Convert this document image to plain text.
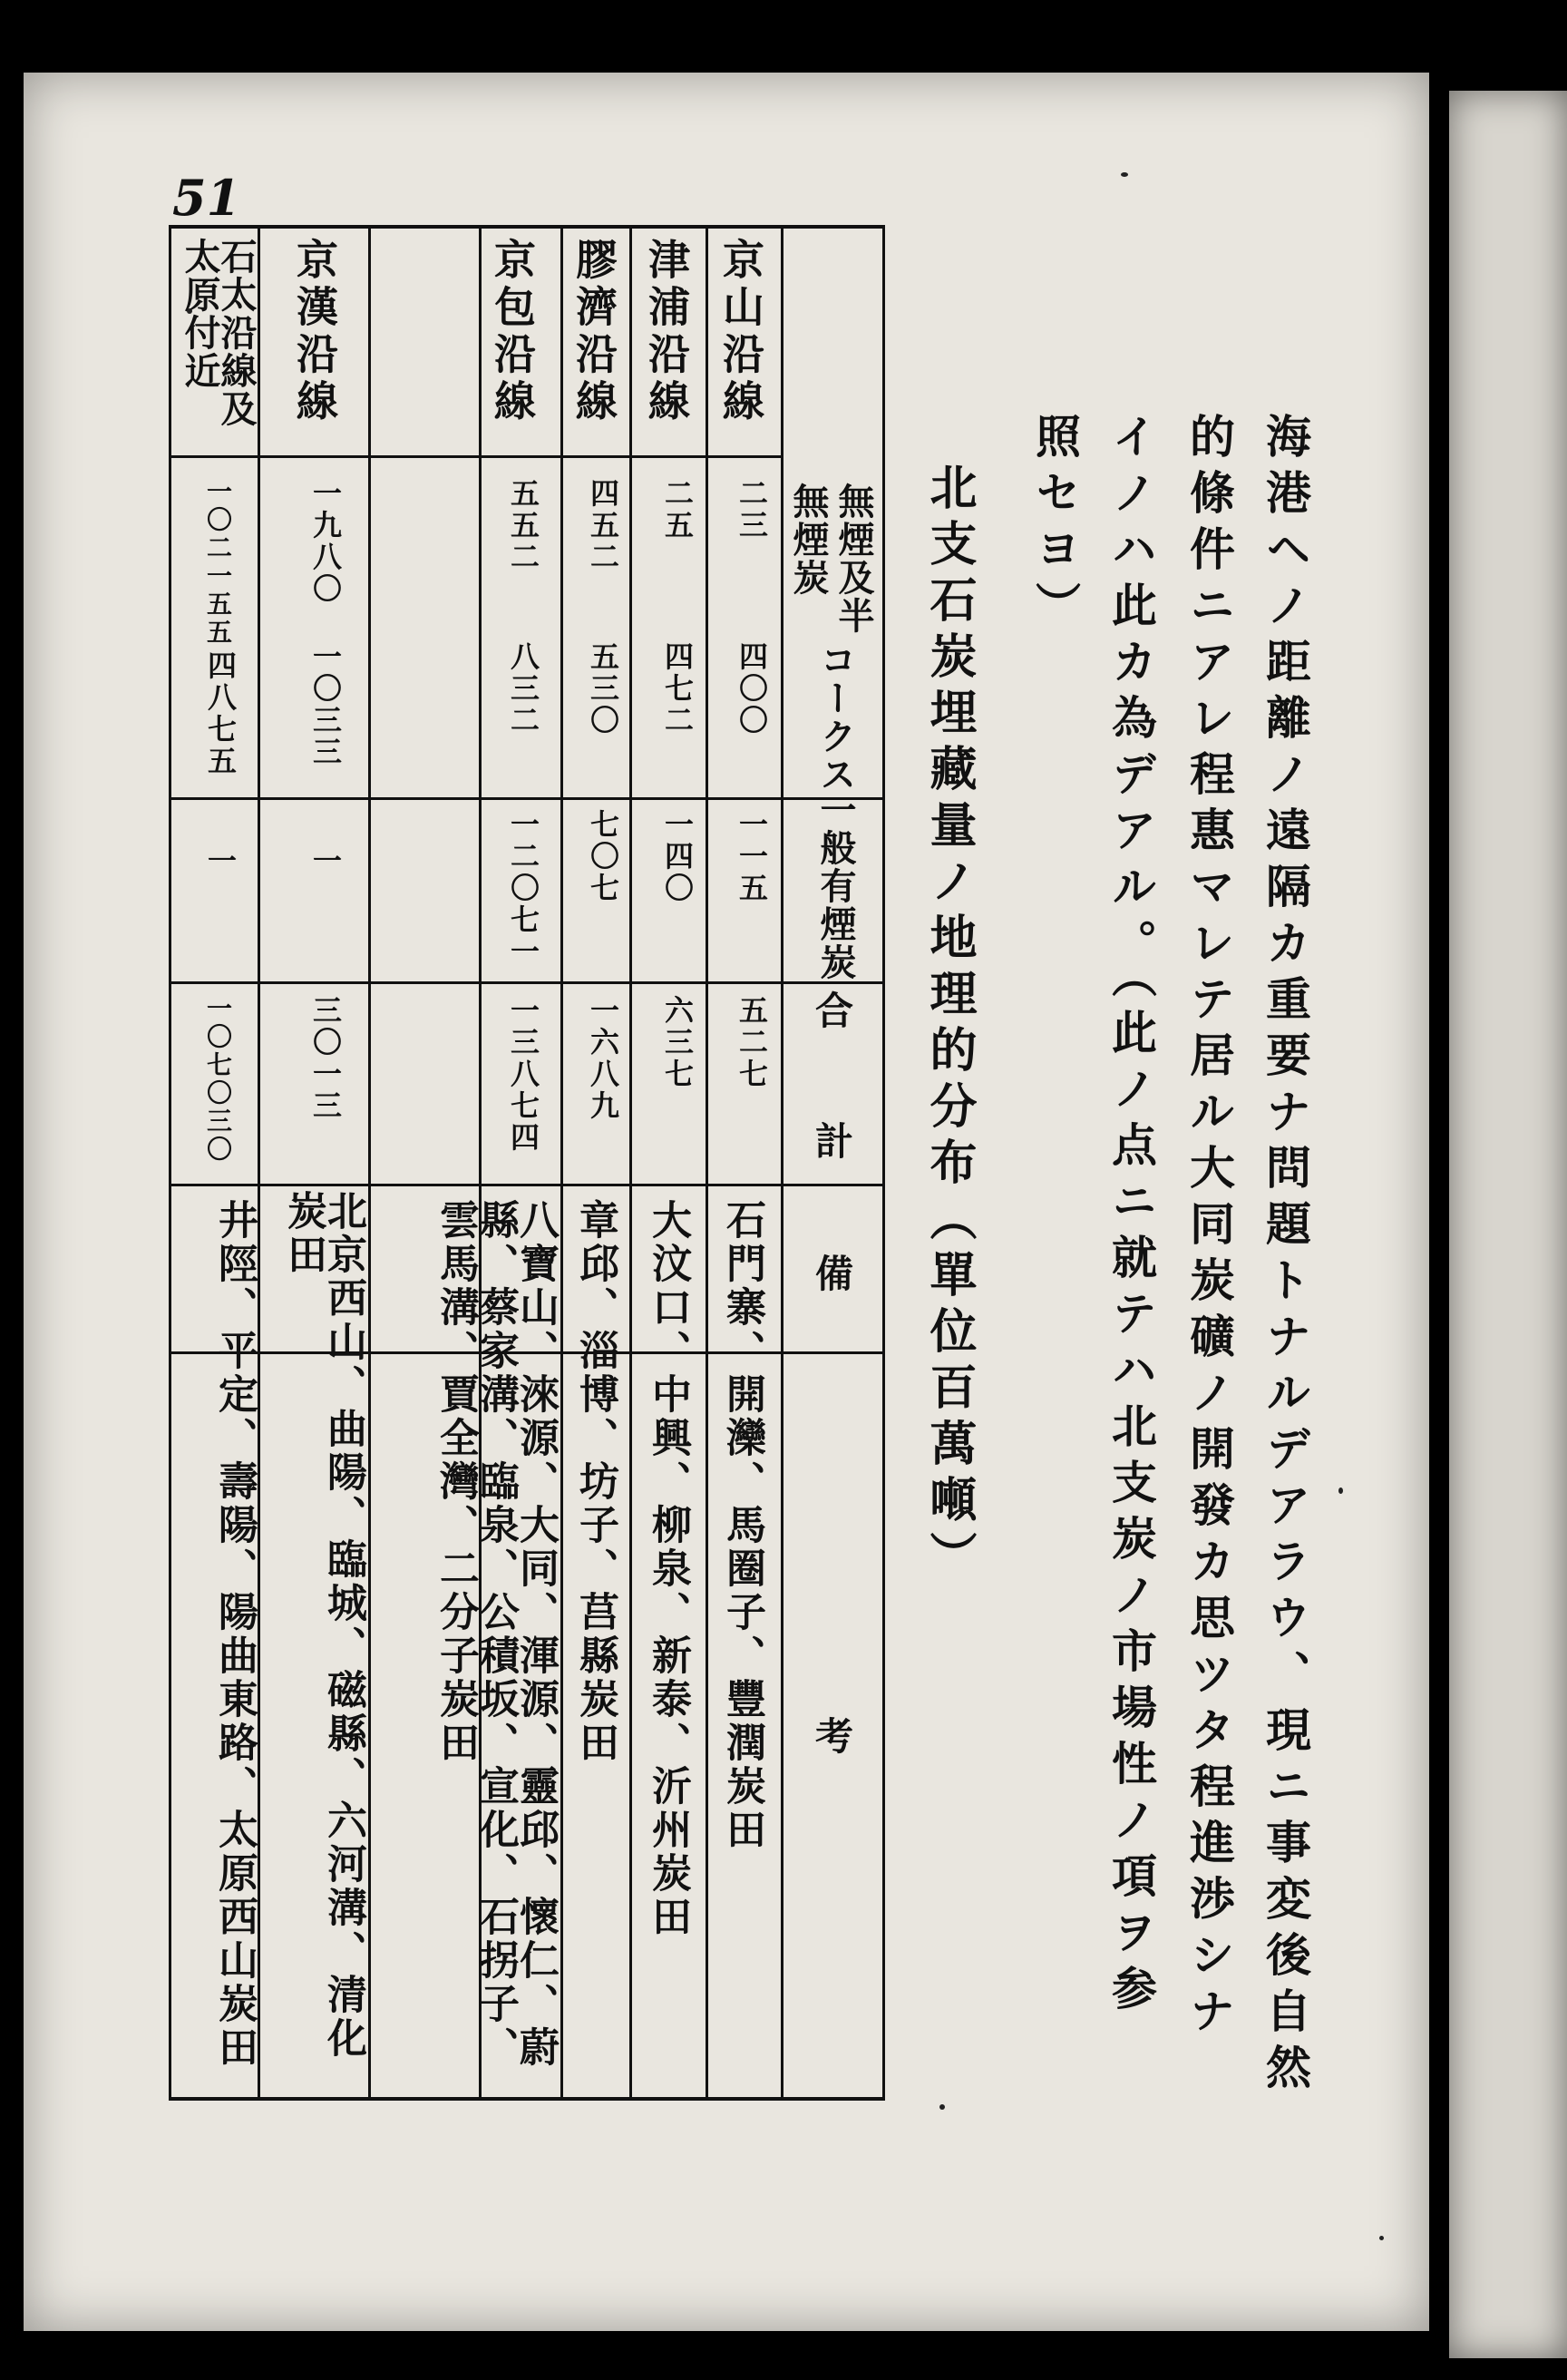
51
海港ヘノ距離ノ遠隔カ重要ナ問題トナルデアラウ、現ニ事変後自然
的條件ニアレ程惠マレテ居ル大同炭礦ノ開發カ思ツタ程進渉シナ
イノハ此カ為デアル。（此ノ点ニ就テハ北支炭ノ市場性ノ項ヲ参
照セヨ）
北支石炭埋藏量ノ地理的分布（單位百萬噸）
無煙及半
無煙炭
コークス
一般有煙炭
合　　計
備　　　　考
京山沿線
二三
四〇〇
一一五
五二七
石門寨、開灤、馬圈子、豐潤炭田
津浦沿線
二五
四七二
一四〇
六三七
大汶口、中興、柳泉、新泰、沂州炭田
膠濟沿線
四五二
五三〇
七〇七
一六八九
章邱、淄博、坊子、莒縣炭田
京包沿線
五五二
八三二
一二〇七一
一三八七四
八寶山、淶源、大同、渾源、靈邱、懷仁、蔚縣、蔡家溝、臨泉、公積坂、宣化、石拐子、雲馬溝、賈全灣、二分子炭田
京漢沿線
一九八〇
一〇三三
一
三〇一三
北京西山、曲陽、臨城、磁縣、六河溝、清化炭田
石太沿線及太原付近
一〇二一五五
四八七五
一
一〇七〇三〇
井陘、平定、壽陽、陽曲東路、太原西山炭田
